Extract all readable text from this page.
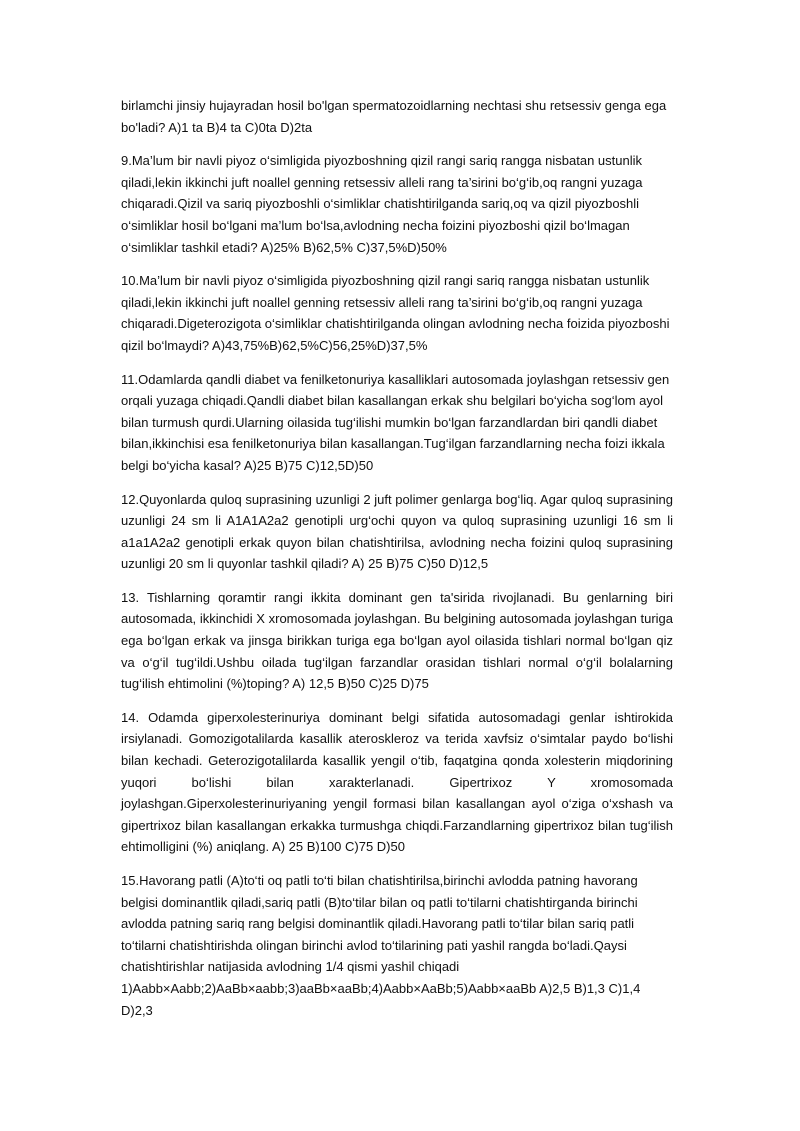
birlamchi jinsiy hujayradan hosil bo'lgan spermatozoidlarning nechtasi shu retsessiv genga ega bo'ladi? A)1 ta B)4 ta C)0ta D)2ta

9.Ma’lum bir navli piyoz o‘simligida piyozboshning qizil rangi sariq rangga nisbatan ustunlik qiladi,lekin ikkinchi juft noallel genning retsessiv alleli rang ta’sirini bo‘g‘ib,oq rangni yuzaga chiqaradi.Qizil va sariq piyozboshli o‘simliklar chatishtirilganda sariq,oq va qizil piyozboshli o‘simliklar hosil bo‘lgani ma’lum bo‘lsa,avlodning necha foizini piyozboshi qizil bo‘lmagan o‘simliklar tashkil etadi? A)25% B)62,5% C)37,5%D)50%

10.Ma’lum bir navli piyoz o‘simligida piyozboshning qizil rangi sariq rangga nisbatan ustunlik qiladi,lekin ikkinchi juft noallel genning retsessiv alleli rang ta’sirini bo‘g‘ib,oq rangni yuzaga chiqaradi.Digeterozigota o‘simliklar chatishtirilganda olingan avlodning necha foizida piyozboshi qizil bo‘lmaydi? A)43,75%B)62,5%C)56,25%D)37,5%

11.Odamlarda qandli diabet va fenilketonuriya kasalliklari autosomada joylashgan retsessiv gen orqali yuzaga chiqadi.Qandli diabet bilan kasallangan erkak shu belgilari bo‘yicha sog‘lom ayol bilan turmush qurdi.Ularning oilasida tug‘ilishi mumkin bo‘lgan farzandlardan biri qandli diabet bilan,ikkinchisi esa fenilketonuriya bilan kasallangan.Tug‘ilgan farzandlarning necha foizi ikkala belgi bo‘yicha kasal? A)25 B)75 C)12,5D)50

12.Quyonlarda quloq suprasining uzunligi 2 juft polimer genlarga bog‘liq. Agar quloq suprasining uzunligi 24 sm li A1A1A2a2 genotipli urg‘ochi quyon va quloq suprasining uzunligi 16 sm li a1a1A2a2 genotipli erkak quyon bilan chatishtirilsa, avlodning necha foizini quloq suprasining uzunligi 20 sm li quyonlar tashkil qiladi? A) 25 B)75 C)50 D)12,5

13. Tishlarning qoramtir rangi ikkita dominant gen ta'sirida rivojlanadi. Bu genlarning biri autosomada, ikkinchidi X xromosomada joylashgan. Bu belgining autosomada joylashgan turiga ega bo‘lgan erkak va jinsga birikkan turiga ega bo‘lgan ayol oilasida tishlari normal bo‘lgan qiz va o‘g‘il tug‘ildi.Ushbu oilada tug‘ilgan farzandlar orasidan tishlari normal o‘g‘il bolalarning tug‘ilish ehtimolini (%)toping? A) 12,5 B)50 C)25 D)75

14. Odamda giperxolesterinuriya dominant belgi sifatida autosomadagi genlar ishtirokida irsiylanadi. Gomozigotalilarda kasallik ateroskleroz va terida xavfsiz o‘simtalar paydo bo‘lishi bilan kechadi. Geterozigotalilarda kasallik yengil o‘tib, faqatgina qonda xolesterin miqdorining yuqori bo‘lishi bilan xarakterlanadi. Gipertrixoz Y xromosomada joylashgan.Giperxolesterinuriyaning yengil formasi bilan kasallangan ayol o‘ziga o‘xshash va gipertrixoz bilan kasallangan erkakka turmushga chiqdi.Farzandlarning gipertrixoz bilan tug‘ilish ehtimolligini (%) aniqlang. A) 25 B)100 C)75 D)50

15.Havorang patli (A)to‘ti oq patli to‘ti bilan chatishtirilsa,birinchi avlodda patning havorang belgisi dominantlik qiladi,sariq patli (B)to‘tilar bilan oq patli to‘tilarni chatishtirganda birinchi avlodda patning sariq rang belgisi dominantlik qiladi.Havorang patli to‘tilar bilan sariq patli to‘tilarni chatishtirishda olingan birinchi avlod to‘tilarining pati yashil rangda bo‘ladi.Qaysi chatishtirishlar natijasida avlodning 1/4 qismi yashil chiqadi 1)Aabb×Aabb;2)AaBb×aabb;3)aaBb×aaBb;4)Aabb×AaBb;5)Aabb×aaBb A)2,5 B)1,3 C)1,4 D)2,3
